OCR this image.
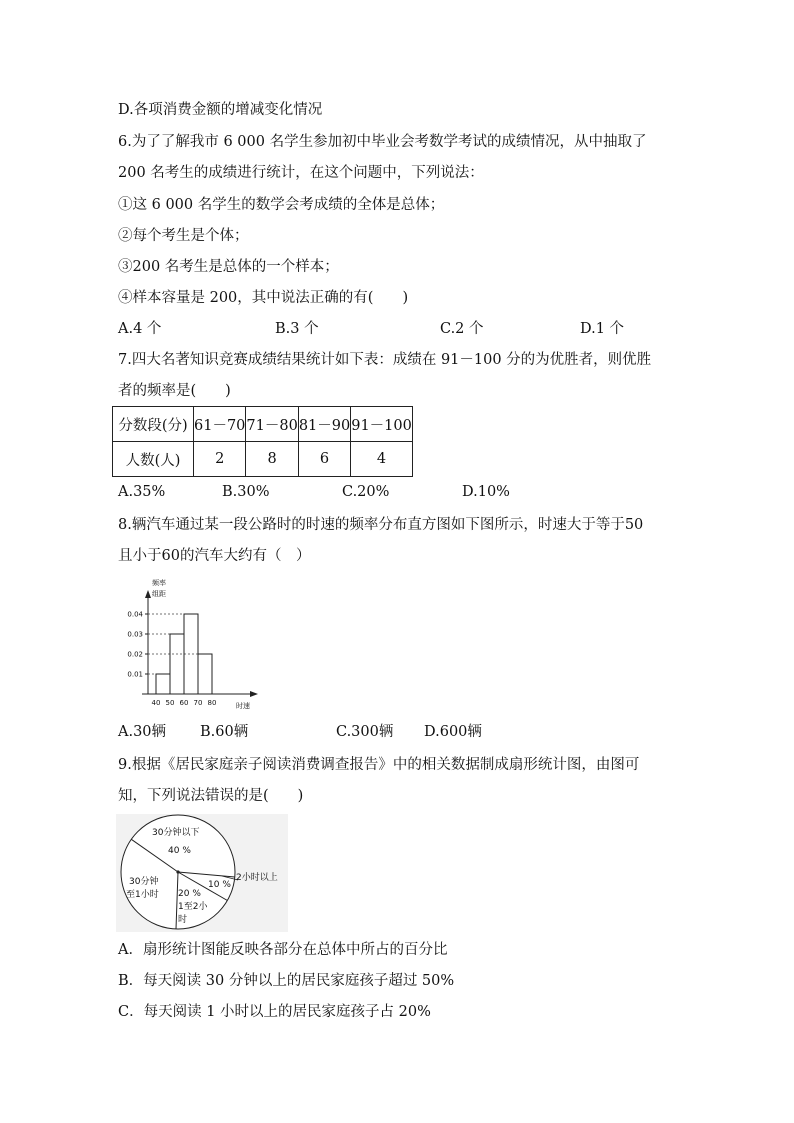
D.各项消费金额的增减变化情况
6.为了了解我市 6 000 名学生参加初中毕业会考数学考试的成绩情况，从中抽取了
200 名考生的成绩进行统计，在这个问题中，下列说法：
①这 6 000 名学生的数学会考成绩的全体是总体；
②每个考生是个体；
③200 名考生是总体的一个样本；
④样本容量是 200，其中说法正确的有(　　)
A.4 个	B.3 个	C.2 个	D.1 个
7.四大名著知识竞赛成绩结果统计如下表：成绩在 91－100 分的为优胜者，则优胜
者的频率是(　　)
分数段(分)	61－70	71－80	81－90	91－100
人数(人)	2	8	6	4
A.35%	B.30%	C.20%	D.10%
8.辆汽车通过某一段公路时的时速的频率分布直方图如下图所示，时速大于等于50
且小于60的汽车大约有（　）
0.01
0.02
0.03
0.04
40 50 60 70 80
频率
组距
时速
A.30辆 B.60辆	C.300辆 D.600辆
9.根据《居民家庭亲子阅读消费调查报告》中的相关数据制成扇形统计图，由图可
知，下列说法错误的是(　　)
30分钟以下
40 %
2小时以上
10 %
20 %
1至2小
时
30分钟
至1小时
A．扇形统计图能反映各部分在总体中所占的百分比
B．每天阅读 30 分钟以上的居民家庭孩子超过 50%
C．每天阅读 1 小时以上的居民家庭孩子占 20%
